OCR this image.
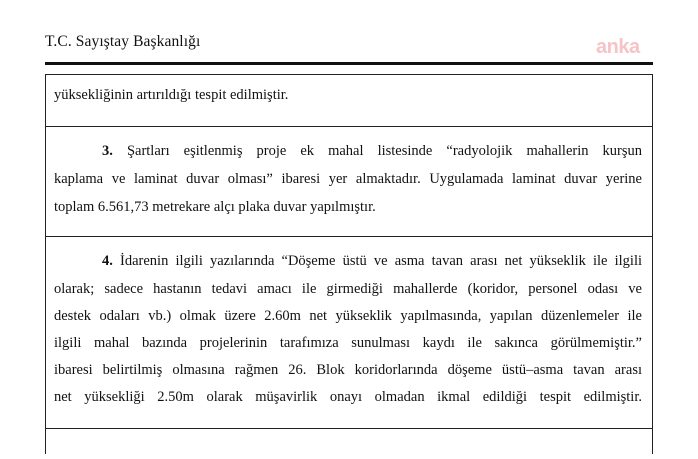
T.C. Sayıştay Başkanlığı	anka
yüksekliğinin artırıldığı tespit edilmiştir.
3. Şartları eşitlenmiş proje ek mahal listesinde “radyolojik mahallerin kurşun
kaplama ve laminat duvar olması” ibaresi yer almaktadır. Uygulamada laminat duvar yerine
toplam 6.561,73 metrekare alçı plaka duvar yapılmıştır.
4. İdarenin ilgili yazılarında “Döşeme üstü ve asma tavan arası net yükseklik ile ilgili
olarak; sadece hastanın tedavi amacı ile girmediği mahallerde (koridor, personel odası ve
destek odaları vb.) olmak üzere 2.60m net yükseklik yapılmasında, yapılan düzenlemeler ile
ilgili mahal bazında projelerinin tarafımıza sunulması kaydı ile sakınca görülmemiştir.”
ibaresi belirtilmiş olmasına rağmen 26. Blok koridorlarında döşeme üstü–asma tavan arası
net yüksekliği 2.50m olarak müşavirlik onayı olmadan ikmal edildiği tespit edilmiştir.
